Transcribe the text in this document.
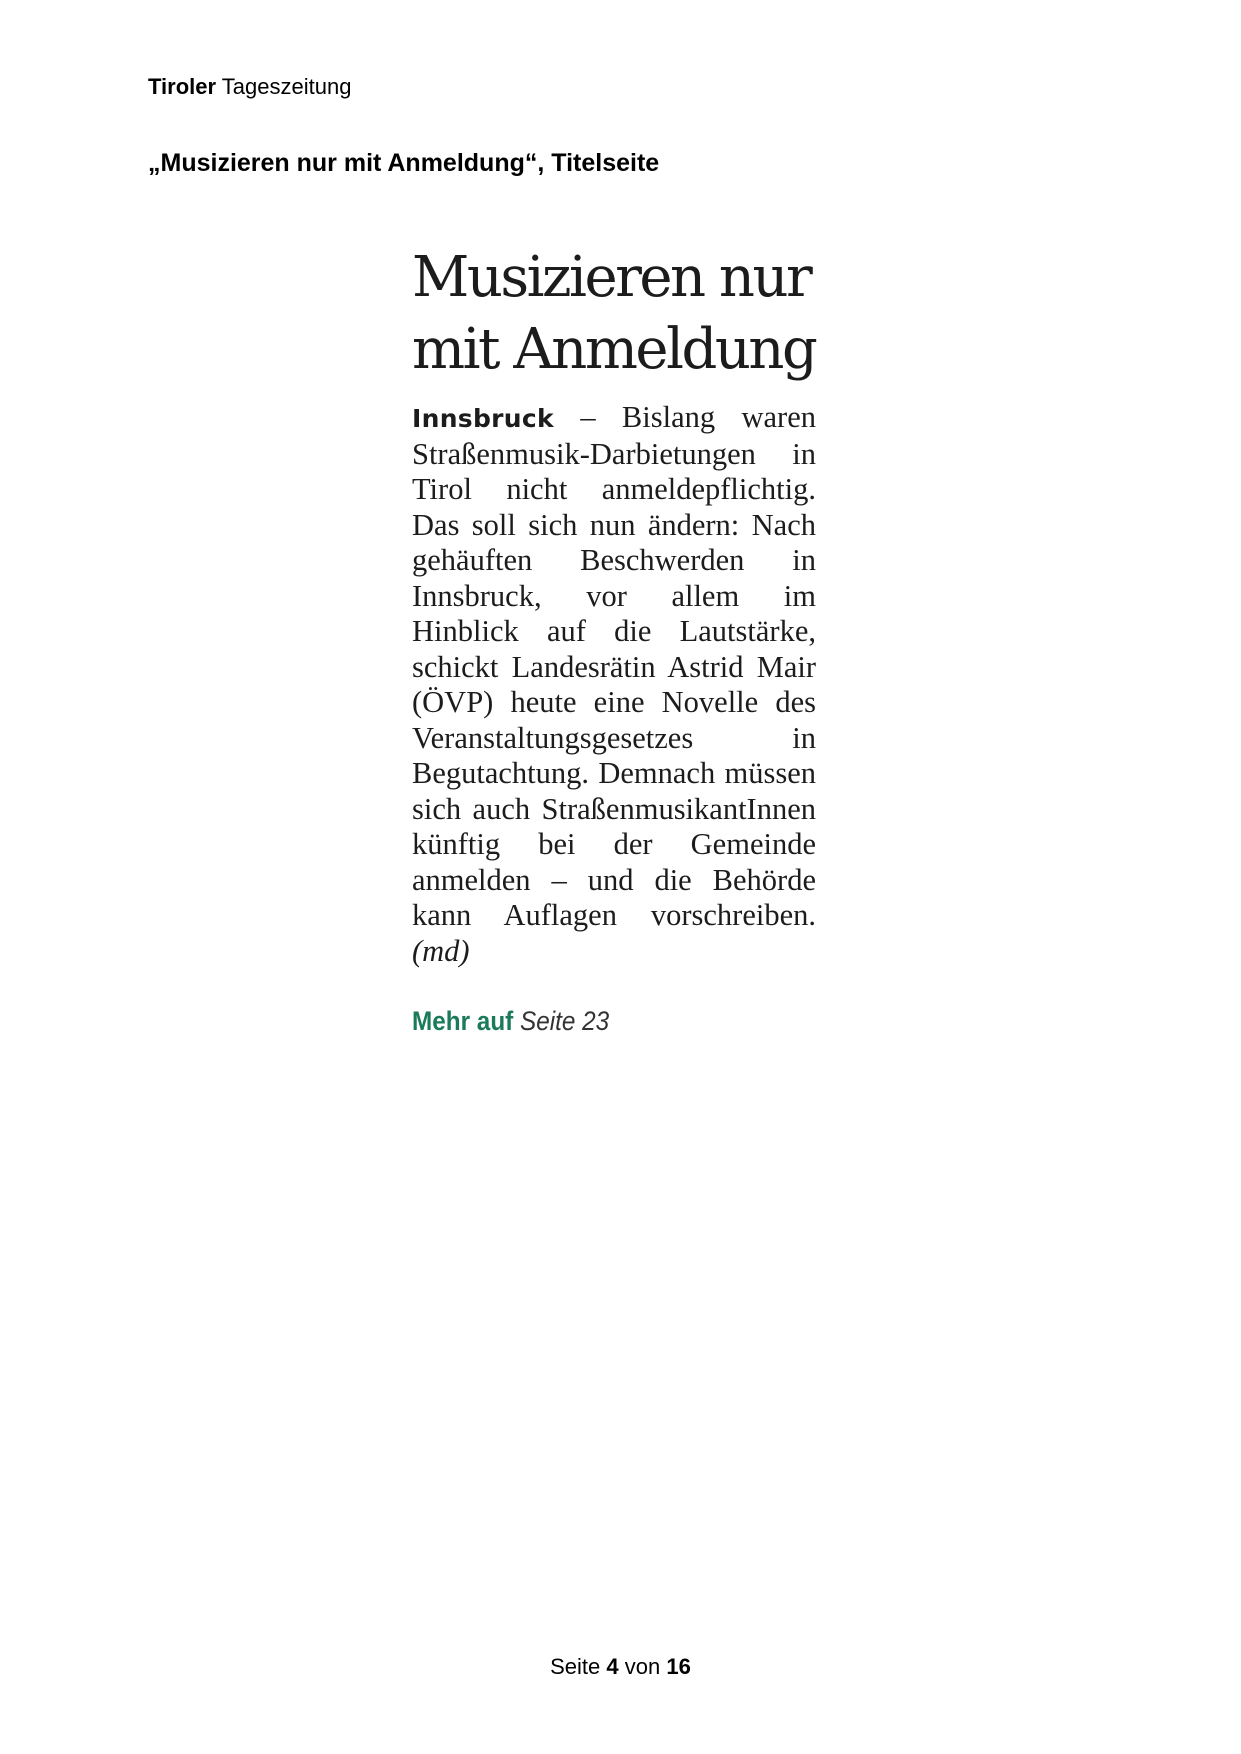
Tiroler Tageszeitung
„Musizieren nur mit Anmeldung“, Titelseite
Musizieren nur
mit Anmeldung
Innsbruck – Bislang waren Straßenmusik-Darbietungen in Tirol nicht anmeldepflichtig. Das soll sich nun ändern: Nach gehäuften Beschwerden in Innsbruck, vor allem im Hinblick auf die Lautstärke, schickt Landesrätin Astrid Mair (ÖVP) heute eine Novelle des Veranstaltungsgesetzes in Begutachtung. Demnach müssen sich auch StraßenmusikantInnen künftig bei der Gemeinde anmelden – und die Behörde kann Auflagen vorschreiben. (md)
Mehr auf Seite 23
Seite 4 von 16
